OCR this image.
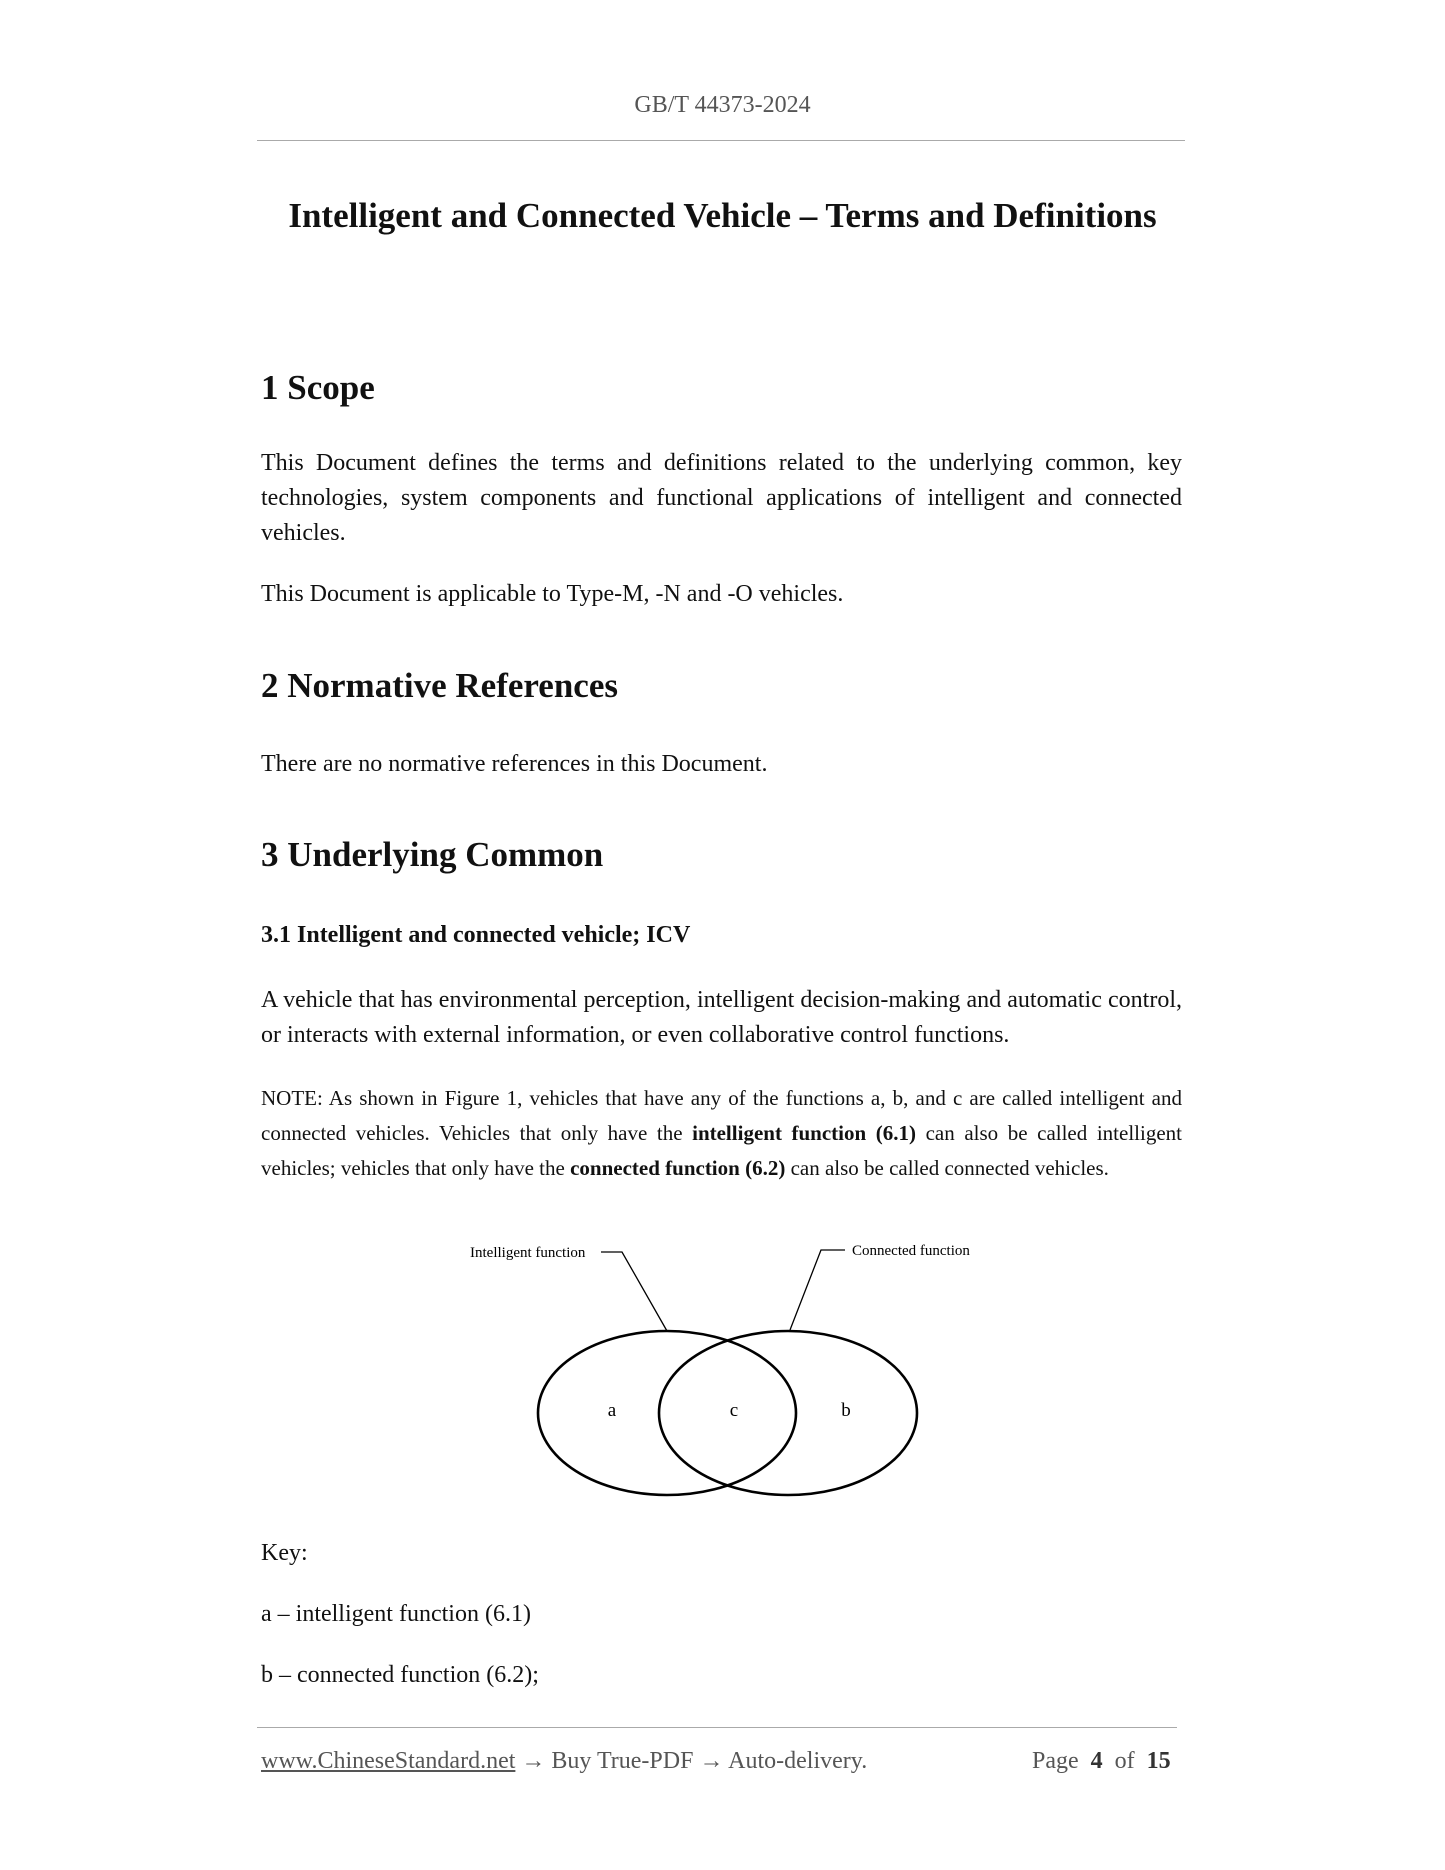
GB/T 44373-2024
Intelligent and Connected Vehicle – Terms and Definitions
1 Scope
This Document defines the terms and definitions related to the underlying common, key technologies, system components and functional applications of intelligent and connected vehicles.
This Document is applicable to Type-M, -N and -O vehicles.
2 Normative References
There are no normative references in this Document.
3 Underlying Common
3.1 Intelligent and connected vehicle; ICV
A vehicle that has environmental perception, intelligent decision-making and automatic control, or interacts with external information, or even collaborative control functions.
NOTE: As shown in Figure 1, vehicles that have any of the functions a, b, and c are called intelligent and connected vehicles. Vehicles that only have the intelligent function (6.1) can also be called intelligent vehicles; vehicles that only have the connected function (6.2) can also be called connected vehicles.
Intelligent function	Connected function
a	c	b
Key:
a – intelligent function (6.1)
b – connected function (6.2);
www.ChineseStandard.net → Buy True-PDF → Auto-delivery.	Page 4 of 15
